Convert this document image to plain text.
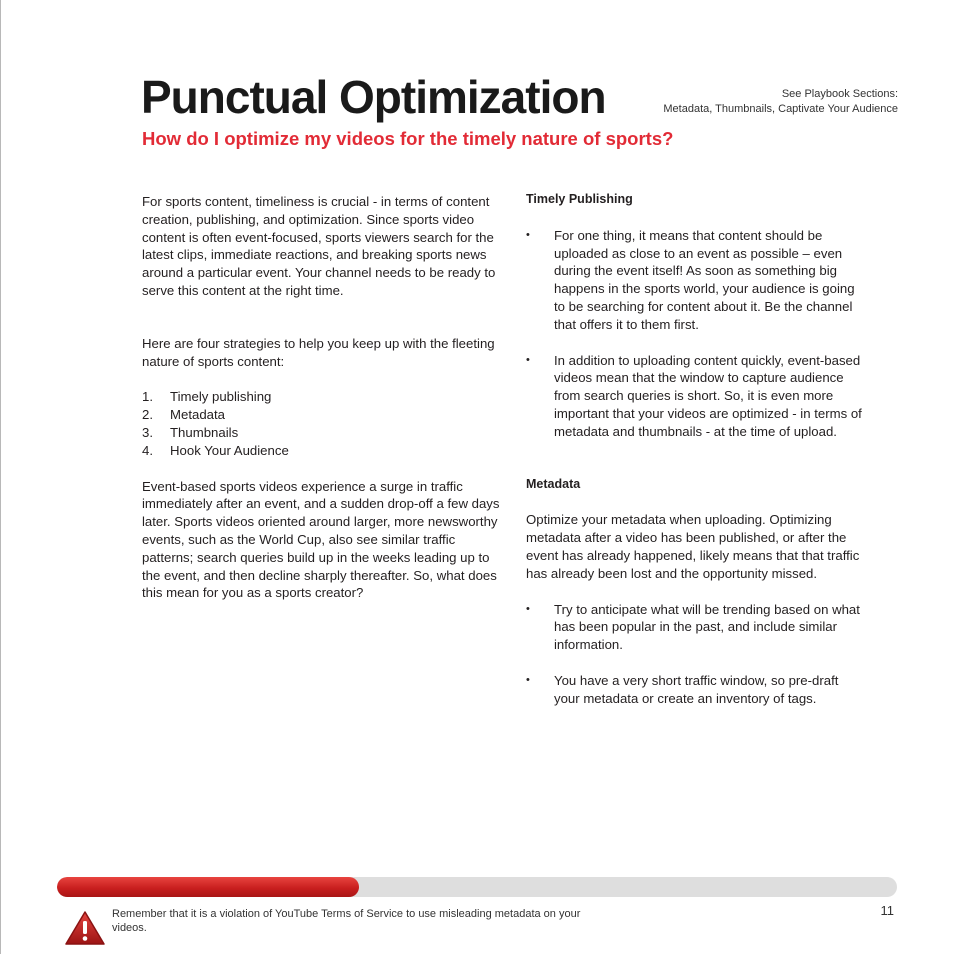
Punctual Optimization	See Playbook Sections:
Metadata, Thumbnails, Captivate Your Audience
How do I optimize my videos for the timely nature of sports?

For sports content, timeliness is crucial - in terms of content creation, publishing, and optimization. Since sports video content is often event-focused, sports viewers search for the latest clips, immediate reactions, and breaking sports news around a particular event. Your channel needs to be ready to serve this content at the right time.

Here are four strategies to help you keep up with the fleeting nature of sports content:

1. Timely publishing
2. Metadata
3. Thumbnails
4. Hook Your Audience

Event-based sports videos experience a surge in traffic immediately after an event, and a sudden drop-off a few days later. Sports videos oriented around larger, more newsworthy events, such as the World Cup, also see similar traffic patterns; search queries build up in the weeks leading up to the event, and then decline sharply thereafter. So, what does this mean for you as a sports creator?

Timely Publishing

• For one thing, it means that content should be uploaded as close to an event as possible – even during the event itself! As soon as something big happens in the sports world, your audience is going to be searching for content about it. Be the channel that offers it to them first.
• In addition to uploading content quickly, event-based videos mean that the window to capture audience from search queries is short. So, it is even more important that your videos are optimized - in terms of metadata and thumbnails - at the time of upload.

Metadata

Optimize your metadata when uploading. Optimizing metadata after a video has been published, or after the event has already happened, likely means that that traffic has already been lost and the opportunity missed.

• Try to anticipate what will be trending based on what has been popular in the past, and include similar information.
• You have a very short traffic window, so pre-draft your metadata or create an inventory of tags.
Remember that it is a violation of YouTube Terms of Service to use misleading metadata on your videos.
11
